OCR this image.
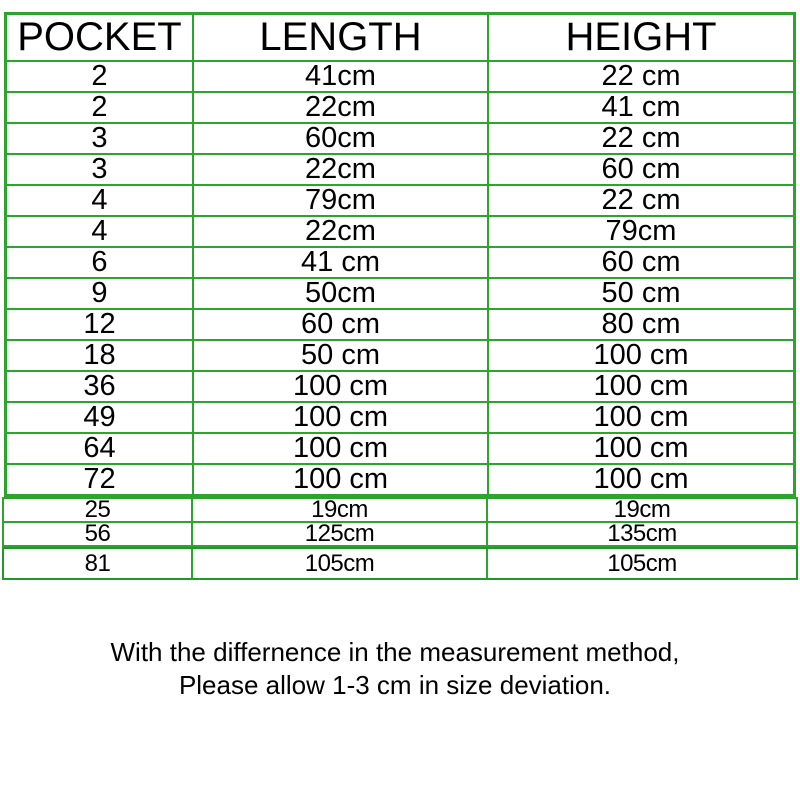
POCKET	LENGTH	HEIGHT
2	41cm	22 cm
2	22cm	41 cm
3	60cm	22 cm
3	22cm	60 cm
4	79cm	22 cm
4	22cm	79cm
6	41 cm	60 cm
9	50cm	50 cm
12	60 cm	80 cm
18	50 cm	100 cm
36	100 cm	100 cm
49	100 cm	100 cm
64	100 cm	100 cm
72	100 cm	100 cm
25	19cm	19cm
56	125cm	135cm
81	105cm	105cm
With the differnence in the measurement method,
Please allow 1-3 cm in size deviation.
